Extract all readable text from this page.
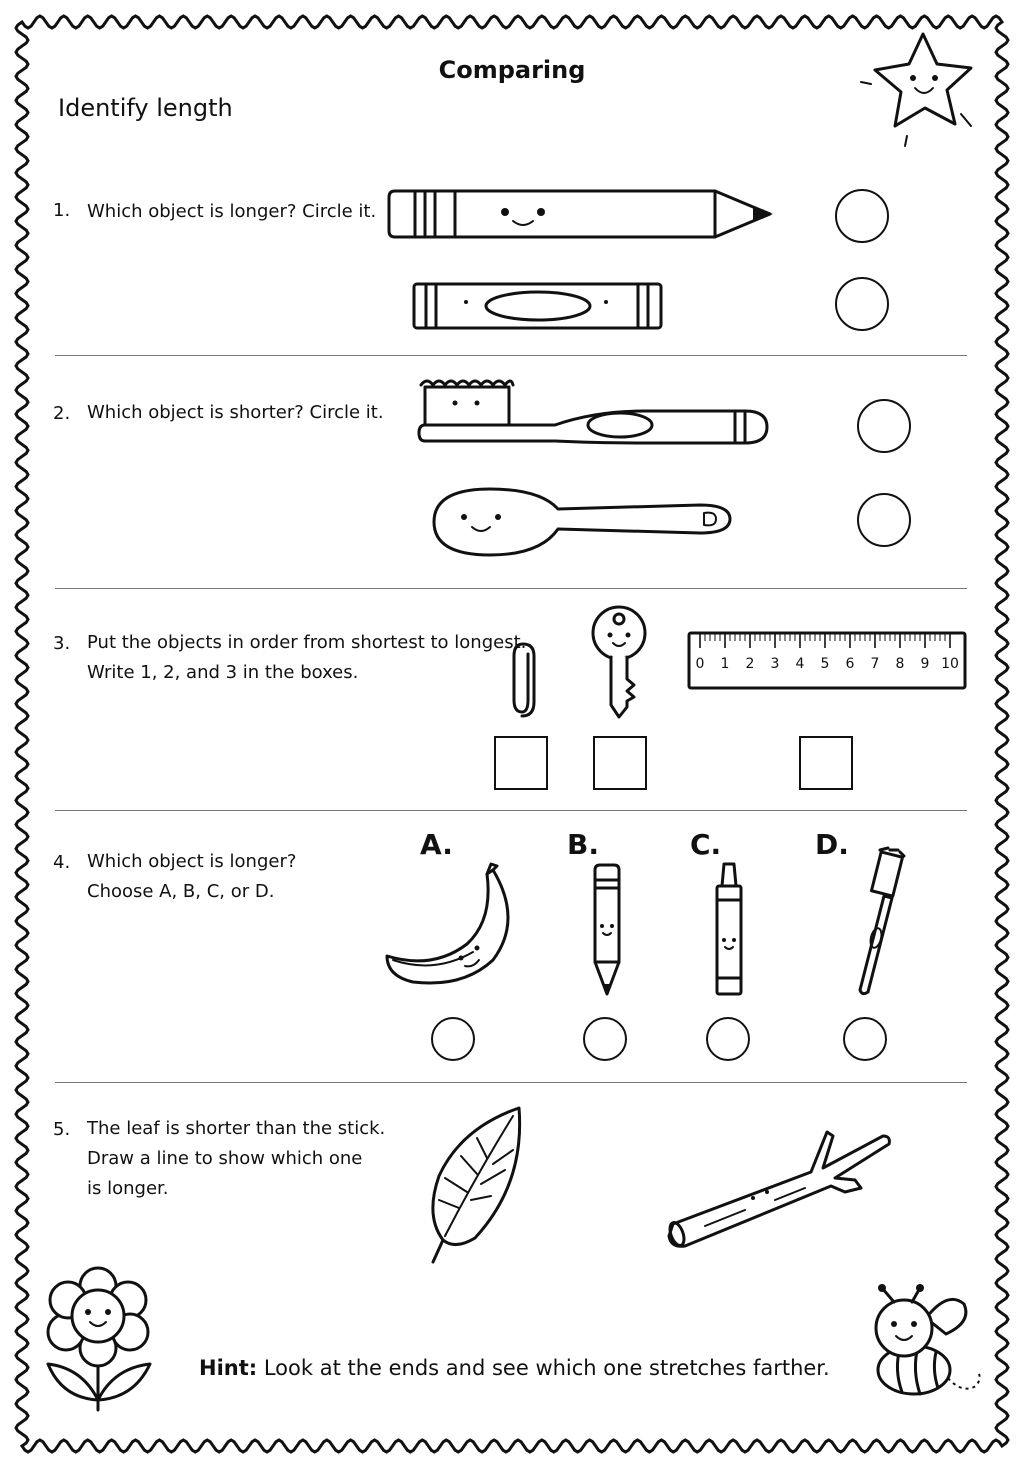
Comparing
Identify length
1. Which object is longer? Circle it.
2. Which object is shorter? Circle it.
3. Put the objects in order from shortest to longest.
Write 1, 2, and 3 in the boxes.	0 1 2 3 4 5 6 7 8 9 10
4. Which object is longer?
Choose A, B, C, or D.
A.	B.	C.	D.
5. The leaf is shorter than the stick.
Draw a line to show which one
is longer.
Hint: Look at the ends and see which one stretches farther.
